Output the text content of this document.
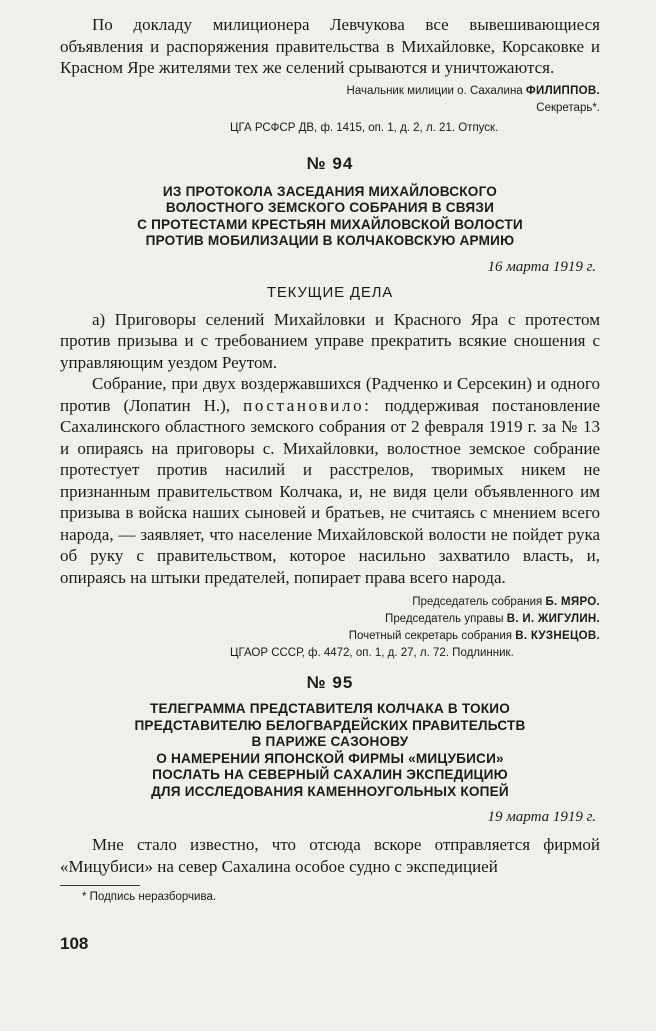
По докладу милиционера Левчукова все вывешивающиеся объявления и распоряжения правительства в Михайловке, Корсаковке и Красном Яре жителями тех же селений срываются и уничтожаются.

Начальник милиции о. Сахалина ФИЛИППОВ.
Секретарь*.

ЦГА РСФСР ДВ, ф. 1415, оп. 1, д. 2, л. 21. Отпуск.

№ 94
ИЗ ПРОТОКОЛА ЗАСЕДАНИЯ МИХАЙЛОВСКОГО
ВОЛОСТНОГО ЗЕМСКОГО СОБРАНИЯ В СВЯЗИ
С ПРОТЕСТАМИ КРЕСТЬЯН МИХАЙЛОВСКОЙ ВОЛОСТИ
ПРОТИВ МОБИЛИЗАЦИИ В КОЛЧАКОВСКУЮ АРМИЮ
16 марта 1919 г.
ТЕКУЩИЕ ДЕЛА

а) Приговоры селений Михайловки и Красного Яра с протестом против призыва и с требованием управе прекратить всякие сношения с управляющим уездом Реутом.

Собрание, при двух воздержавшихся (Радченко и Серсекин) и одного против (Лопатин Н.), постановило: поддерживая постановление Сахалинского областного земского собрания от 2 февраля 1919 г. за № 13 и опираясь на приговоры с. Михайловки, волостное земское собрание протестует против насилий и расстрелов, творимых никем не признанным правительством Колчака, и, не видя цели объявленного им призыва в войска наших сыновей и братьев, не считаясь с мнением всего народа, — заявляет, что население Михайловской волости не пойдет рука об руку с правительством, которое насильно захватило власть, и, опираясь на штыки предателей, попирает права всего народа.

Председатель собрания Б. МЯРО.
Председатель управы В. И. ЖИГУЛИН.
Почетный секретарь собрания В. КУЗНЕЦОВ.

ЦГАОР СССР, ф. 4472, оп. 1, д. 27, л. 72. Подлинник.

№ 95
ТЕЛЕГРАММА ПРЕДСТАВИТЕЛЯ КОЛЧАКА В ТОКИО
ПРЕДСТАВИТЕЛЮ БЕЛОГВАРДЕЙСКИХ ПРАВИТЕЛЬСТВ
В ПАРИЖЕ САЗОНОВУ
О НАМЕРЕНИИ ЯПОНСКОЙ ФИРМЫ «МИЦУБИСИ»
ПОСЛАТЬ НА СЕВЕРНЫЙ САХАЛИН ЭКСПЕДИЦИЮ
ДЛЯ ИССЛЕДОВАНИЯ КАМЕННОУГОЛЬНЫХ КОПЕЙ
19 марта 1919 г.

Мне стало известно, что отсюда вскоре отправляется фирмой «Мицубиси» на север Сахалина особое судно с экспедицией

* Подпись неразборчива.

108
